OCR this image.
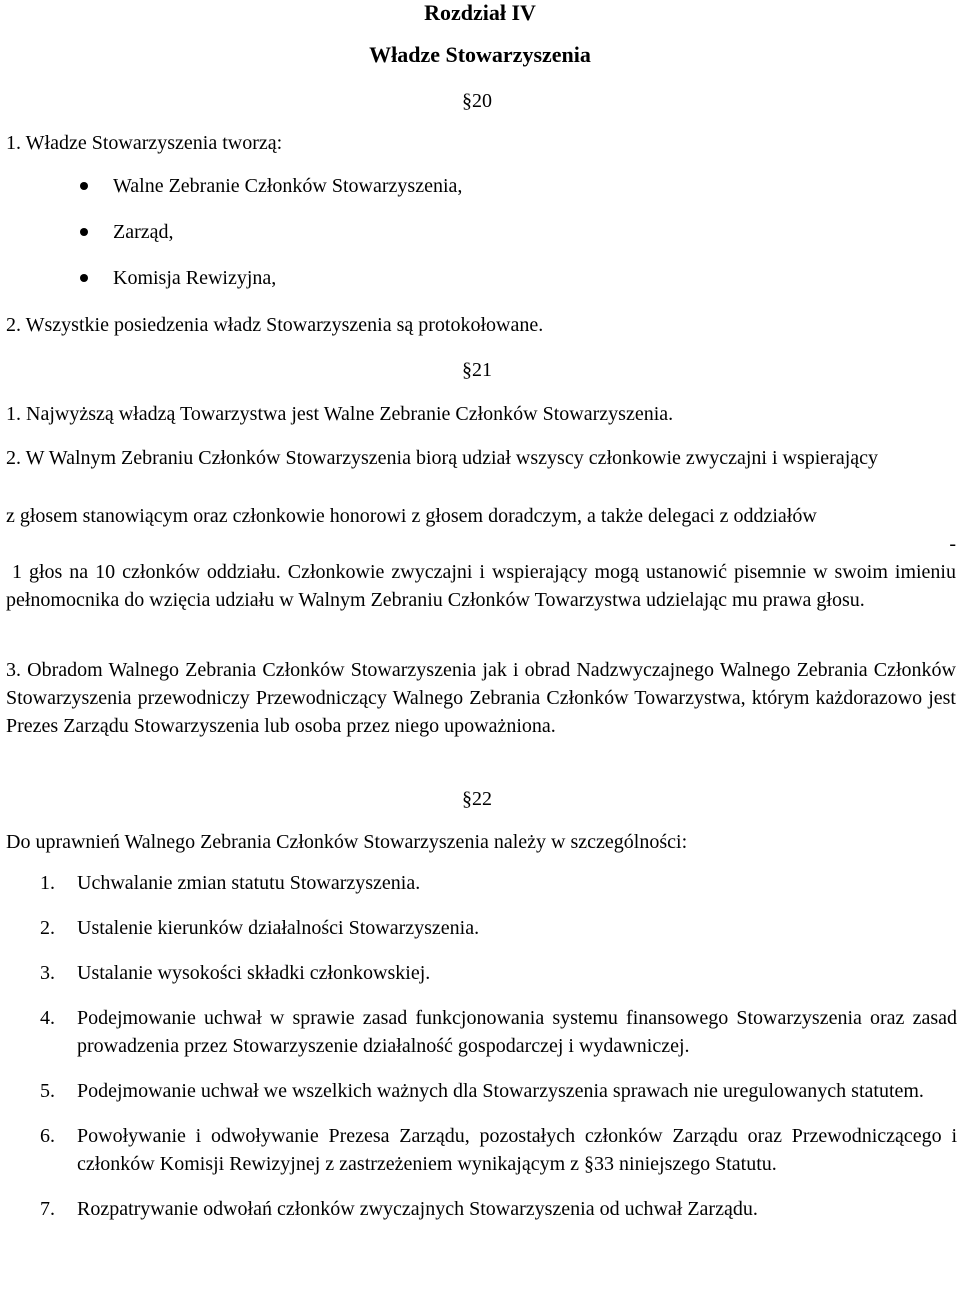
Rozdział IV
Władze Stowarzyszenia
§20
1. Władze Stowarzyszenia tworzą:
Walne Zebranie Członków Stowarzyszenia,
Zarząd,
Komisja Rewizyjna,
2. Wszystkie posiedzenia władz Stowarzyszenia są protokołowane.
§21
1. Najwyższą władzą Towarzystwa jest Walne Zebranie Członków Stowarzyszenia.

2. W Walnym Zebraniu Członków Stowarzyszenia biorą udział wszyscy członkowie zwyczajni i wspierający

z głosem stanowiącym oraz członkowie honorowi z głosem doradczym, a także delegaci z oddziałów

-

1 głos na 10 członków oddziału. Członkowie zwyczajni i wspierający mogą ustanowić pisemnie w swoim imieniu pełnomocnika do wzięcia udziału w Walnym Zebraniu Członków Towarzystwa udzielając mu prawa głosu.

3. Obradom Walnego Zebrania Członków Stowarzyszenia jak i obrad Nadzwyczajnego Walnego Zebrania Członków Stowarzyszenia przewodniczy Przewodniczący Walnego Zebrania Członków Towarzystwa, którym każdorazowo jest Prezes Zarządu Stowarzyszenia lub osoba przez niego upoważniona.

§22
Do uprawnień Walnego Zebrania Członków Stowarzyszenia należy w szczególności:
1. Uchwalanie zmian statutu Stowarzyszenia.
2. Ustalenie kierunków działalności Stowarzyszenia.
3. Ustalanie wysokości składki członkowskiej.
4. Podejmowanie uchwał w sprawie zasad funkcjonowania systemu finansowego Stowarzyszenia oraz zasad prowadzenia przez Stowarzyszenie działalność gospodarczej i wydawniczej.
5. Podejmowanie uchwał we wszelkich ważnych dla Stowarzyszenia sprawach nie uregulowanych statutem.
6. Powoływanie i odwoływanie Prezesa Zarządu, pozostałych członków Zarządu oraz Przewodniczącego i członków Komisji Rewizyjnej z zastrzeżeniem wynikającym z §33 niniejszego Statutu.
7. Rozpatrywanie odwołań członków zwyczajnych Stowarzyszenia od uchwał Zarządu.
